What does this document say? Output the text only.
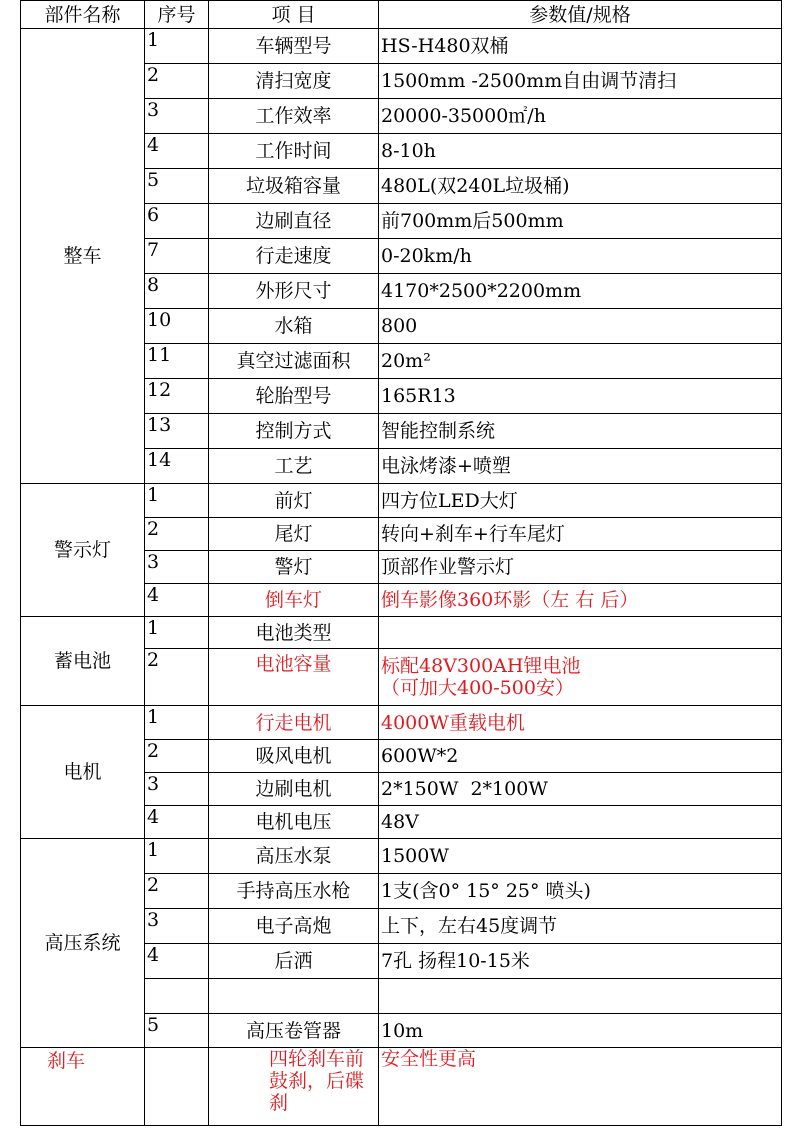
部件名称	序号	项 目	参数值/规格
整车	1	车辆型号	HS-H480双桶
	2	清扫宽度	1500mm -2500mm自由调节清扫
	3	工作效率	20000-35000㎡/h
	4	工作时间	8-10h
	5	垃圾箱容量	480L(双240L垃圾桶)
	6	边刷直径	前700mm后500mm
	7	行走速度	0-20km/h
	8	外形尺寸	4170*2500*2200mm
	10	水箱	800
	11	真空过滤面积	20m²
	12	轮胎型号	165R13
	13	控制方式	智能控制系统
	14	工艺	电泳烤漆+喷塑
警示灯	1	前灯	四方位LED大灯
	2	尾灯	转向+刹车+行车尾灯
	3	警灯	顶部作业警示灯
	4	倒车灯	倒车影像360环影（左 右 后）
蓄电池	1	电池类型	
	2	电池容量	标配48V300AH锂电池
（可加大400-500安）

电机	1	行走电机	4000W重载电机
	2	吸风电机	600W*2
	3	边刷电机	2*150W  2*100W
	4	电机电压	48V
高压系统	1	高压水泵	1500W
	2	手持高压水枪	1支(含0° 15° 25° 喷头)
	3	电子高炮	上下，左右45度调节
	4	后洒	7孔 扬程10-15米

	5	高压卷管器	10m
刹车		四轮刹车前鼓刹，后碟刹	安全性更高
